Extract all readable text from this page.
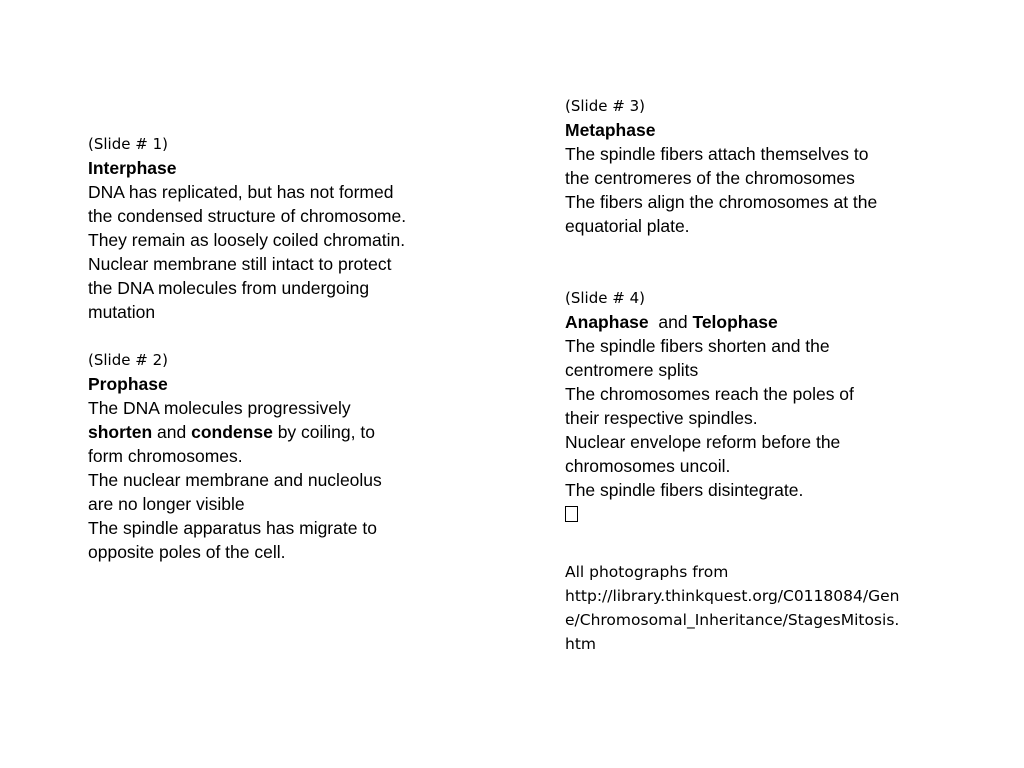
(Slide # 1)
Interphase
DNA has replicated, but has not formed
the condensed structure of chromosome.
They remain as loosely coiled chromatin.
Nuclear membrane still intact to protect
the DNA molecules from undergoing
mutation
(Slide # 2)
Prophase
The DNA molecules progressively
shorten and condense by coiling, to
form chromosomes.
The nuclear membrane and nucleolus
are no longer visible
The spindle apparatus has migrate to
opposite poles of the cell.
(Slide # 3)
Metaphase
The spindle fibers attach themselves to
the centromeres of the chromosomes
The fibers align the chromosomes at the
equatorial plate.
(Slide # 4)
Anaphase  and Telophase
The spindle fibers shorten and the
centromere splits
The chromosomes reach the poles of
their respective spindles.
Nuclear envelope reform before the
chromosomes uncoil.
The spindle fibers disintegrate.
All photographs from
http://library.thinkquest.org/C0118084/Gen
e/Chromosomal_Inheritance/StagesMitosis.
htm
